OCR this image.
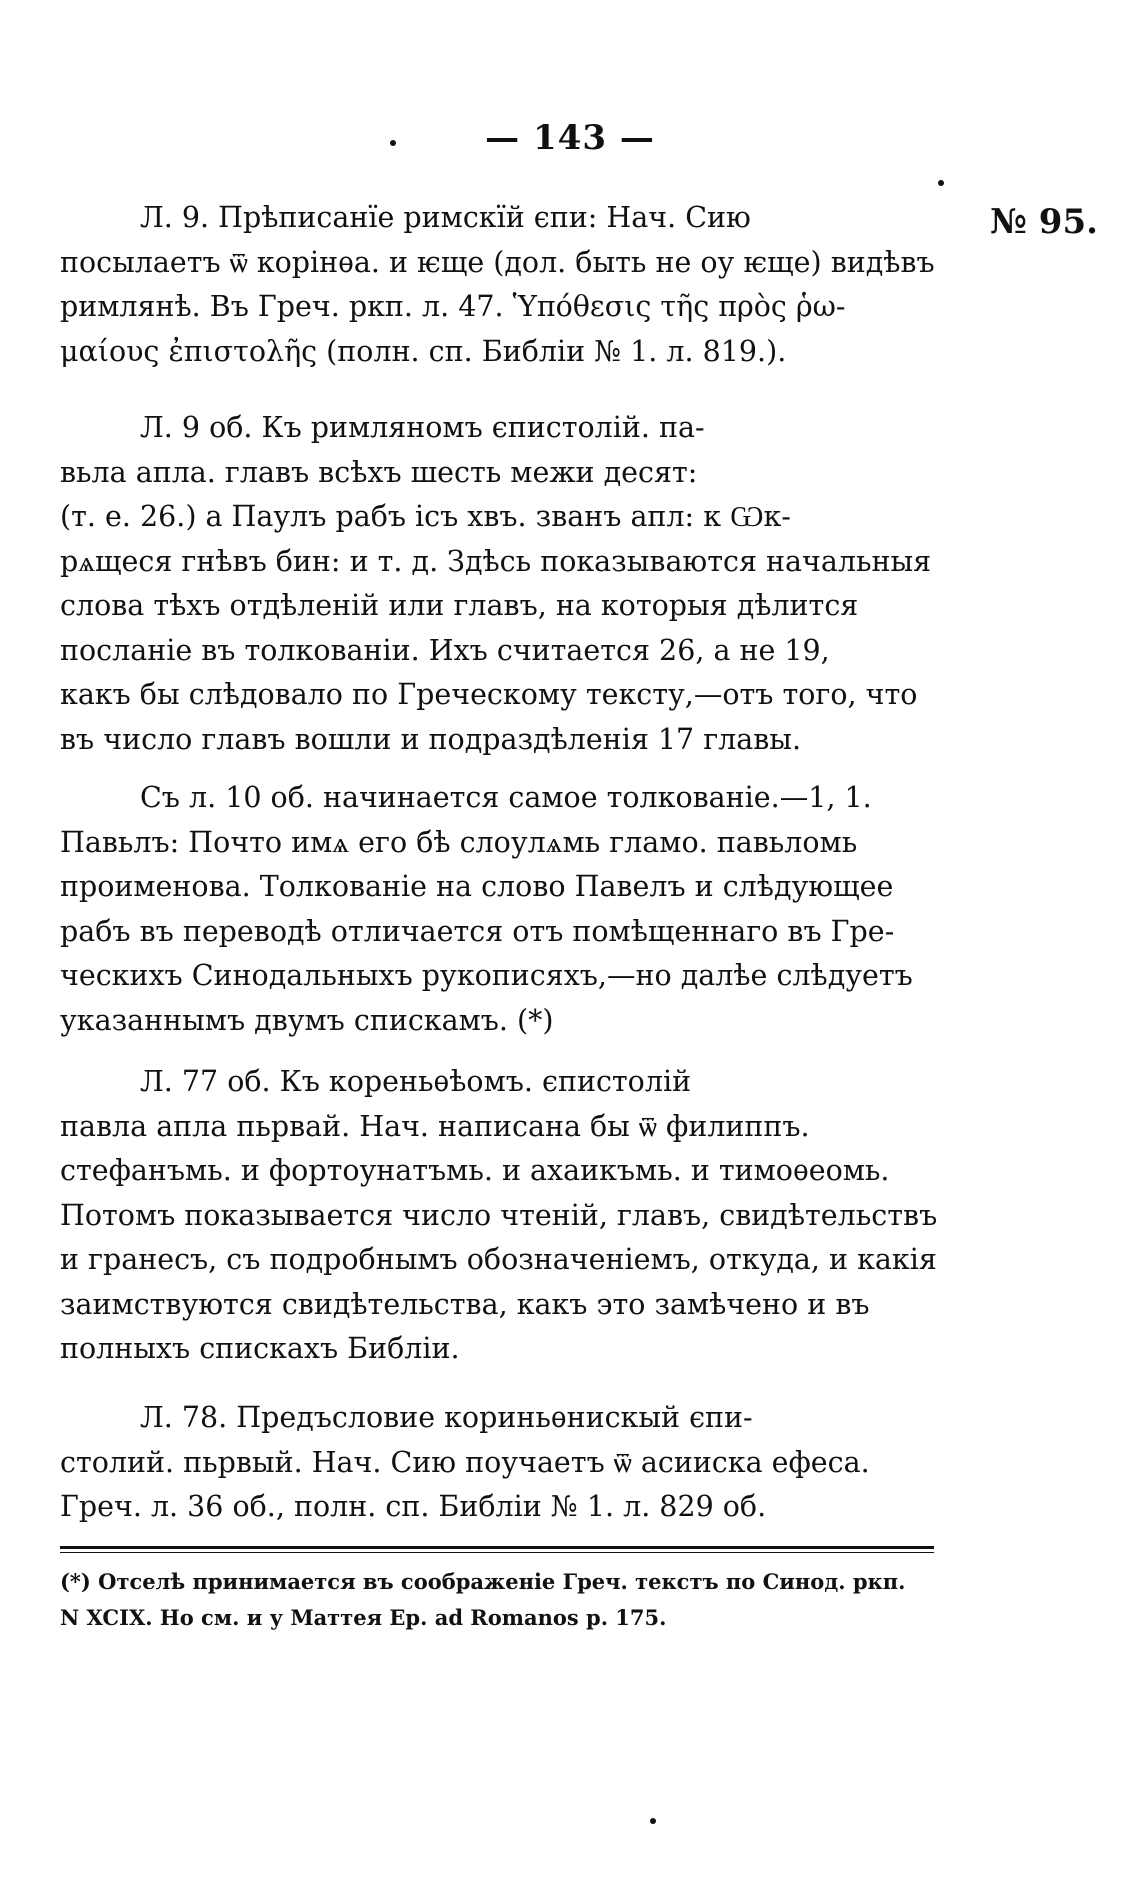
— 143 —
№ 95.
Л. 9. Прѣписанїе римскїй єпи: Нач. Сию
посылаетъ ѿ корінѳа. и ѥще (дол. быть не оу ѥще) видѣвъ
римлянѣ. Въ Греч. ркп. л. 47. Ὑπόθεσις τῆς πρὸς ῥω-
μαίους ἐπιστολῆς (полн. сп. Библіи № 1. л. 819.).
Л. 9 об. Къ римляномъ єпистолій. па-
вьла апла. главъ всѣхъ шесть межи десят:
(т. е. 26.) а Паулъ рабъ ісъ хвъ. званъ апл: к Ѡк-
рѧщеся гнѣвъ бин: и т. д. Здѣсь показываются начальныя
слова тѣхъ отдѣленій или главъ, на которыя дѣлится
посланіе въ толкованіи. Ихъ считается 26, а не 19,
какъ бы слѣдовало по Греческому тексту,—отъ того, что
въ число главъ вошли и подраздѣленія 17 главы.
Съ л. 10 об. начинается самое толкованіе.—1, 1.
Павьлъ: Почто имѧ его бѣ слоулѧмь гламо. павьломь
проименова. Толкованіе на слово Павелъ и слѣдующее
рабъ въ переводѣ отличается отъ помѣщеннаго въ Гре-
ческихъ Синодальныхъ рукописяхъ,—но далѣе слѣдуетъ
указаннымъ двумъ спискамъ. (*)
Л. 77 об. Къ кореньѳѣомъ. єпистолій
павла апла пьрвай. Нач. написана бы ѿ филиппъ.
стефанъмь. и фортоунатъмь. и ахаикъмь. и тимоѳеомь.
Потомъ показывается число чтеній, главъ, свидѣтельствъ
и гранесъ, съ подробнымъ обозначеніемъ, откуда, и какія
заимствуются свидѣтельства, какъ это замѣчено и въ
полныхъ спискахъ Библіи.
Л. 78. Предъсловие кориньѳнискый єпи-
столий. пьрвый. Нач. Сию поучаетъ ѿ асииска ефеса.
Греч. л. 36 об., полн. сп. Библіи № 1. л. 829 об.
(*) Отселѣ принимается въ соображеніе Греч. текстъ по Синод. ркп.
N XCIX. Но см. и у Маттея Ер. ad Romanos p. 175.
